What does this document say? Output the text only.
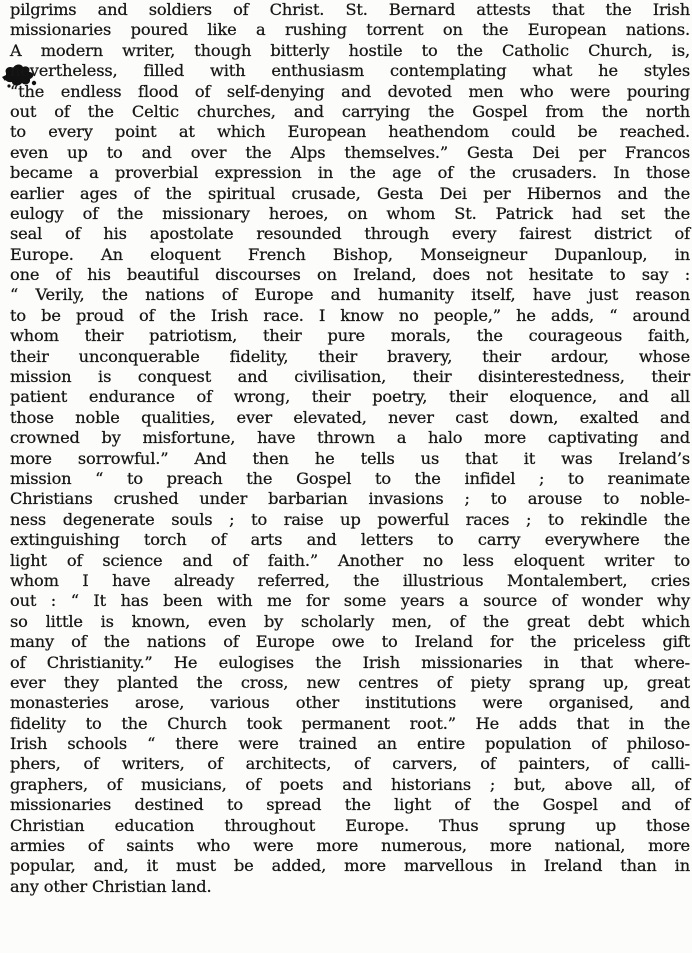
pilgrims and soldiers of Christ. St. Bernard attests that the Irish
missionaries poured like a rushing torrent on the European nations.
A modern writer, though bitterly hostile to the Catholic Church, is,
nevertheless, filled with enthusiasm contemplating what he styles
“the endless flood of self-denying and devoted men who were pouring
out of the Celtic churches, and carrying the Gospel from the north
to every point at which European heathendom could be reached.
even up to and over the Alps themselves.” Gesta Dei per Francos
became a proverbial expression in the age of the crusaders. In those
earlier ages of the spiritual crusade, Gesta Dei per Hibernos and the
eulogy of the missionary heroes, on whom St. Patrick had set the
seal of his apostolate resounded through every fairest district of
Europe. An eloquent French Bishop, Monseigneur Dupanloup, in
one of his beautiful discourses on Ireland, does not hesitate to say :
“ Verily, the nations of Europe and humanity itself, have just reason
to be proud of the Irish race. I know no people,” he adds, “ around
whom their patriotism, their pure morals, the courageous faith,
their unconquerable fidelity, their bravery, their ardour, whose
mission is conquest and civilisation, their disinterestedness, their
patient endurance of wrong, their poetry, their eloquence, and all
those noble qualities, ever elevated, never cast down, exalted and
crowned by misfortune, have thrown a halo more captivating and
more sorrowful.” And then he tells us that it was Ireland’s
mission “ to preach the Gospel to the infidel ; to reanimate
Christians crushed under barbarian invasions ; to arouse to noble-
ness degenerate souls ; to raise up powerful races ; to rekindle the
extinguishing torch of arts and letters to carry everywhere the
light of science and of faith.” Another no less eloquent writer to
whom I have already referred, the illustrious Montalembert, cries
out : “ It has been with me for some years a source of wonder why
so little is known, even by scholarly men, of the great debt which
many of the nations of Europe owe to Ireland for the priceless gift
of Christianity.” He eulogises the Irish missionaries in that where-
ever they planted the cross, new centres of piety sprang up, great
monasteries arose, various other institutions were organised, and
fidelity to the Church took permanent root.” He adds that in the
Irish schools “ there were trained an entire population of philoso-
phers, of writers, of architects, of carvers, of painters, of calli-
graphers, of musicians, of poets and historians ; but, above all, of
missionaries destined to spread the light of the Gospel and of
Christian education throughout Europe. Thus sprung up those
armies of saints who were more numerous, more national, more
popular, and, it must be added, more marvellous in Ireland than in
any other Christian land.
